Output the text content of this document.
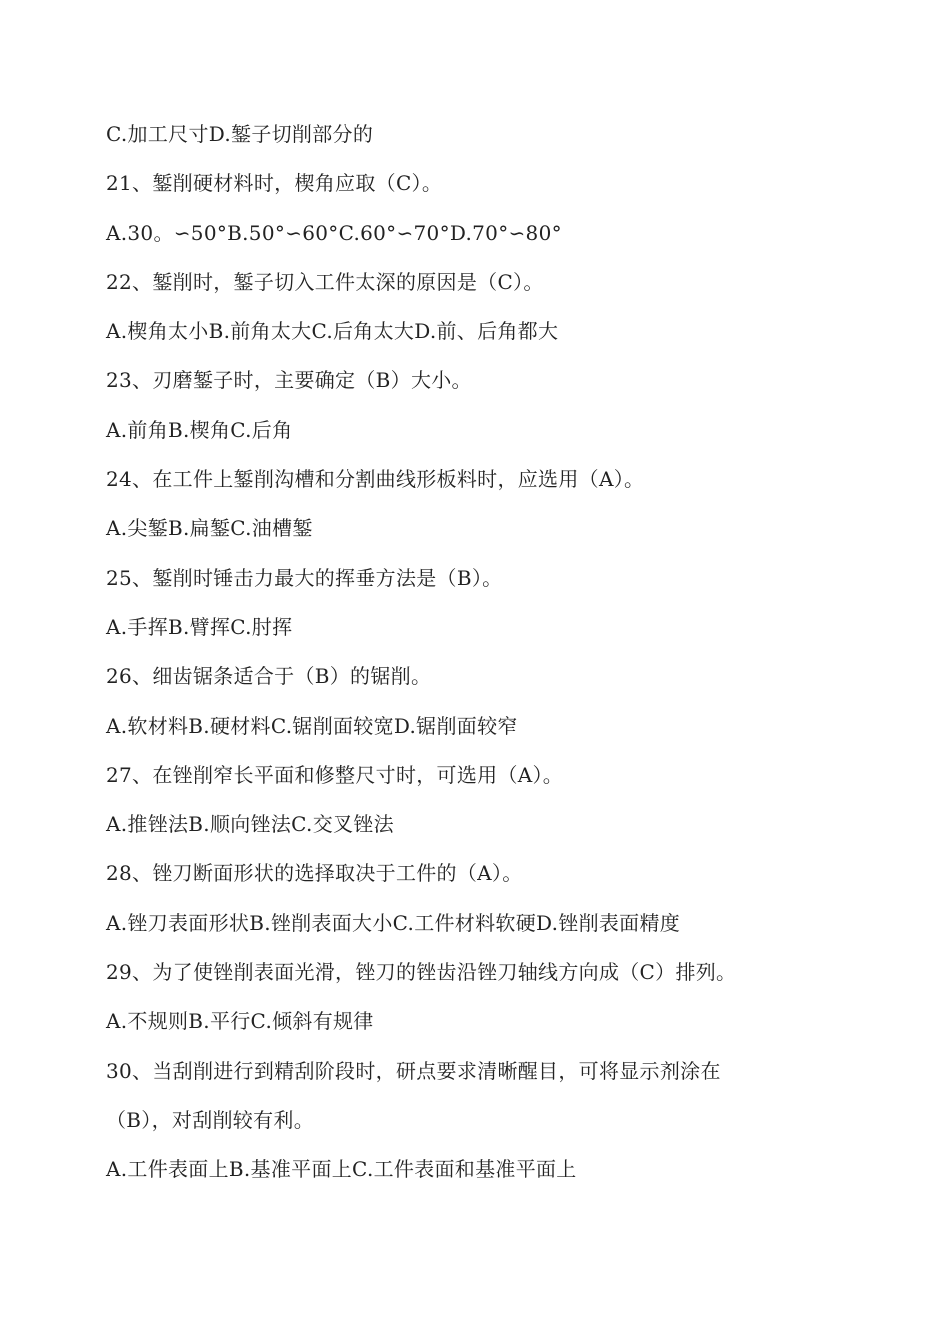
C.加工尺寸D.錾子切削部分的
21、錾削硬材料时，楔角应取（C）。
A.30。∽50°B.50°∽60°C.60°∽70°D.70°∽80°
22、錾削时，錾子切入工件太深的原因是（C）。
A.楔角太小B.前角太大C.后角太大D.前、后角都大
23、刃磨錾子时，主要确定（B）大小。
A.前角B.楔角C.后角
24、在工件上錾削沟槽和分割曲线形板料时，应选用（A）。
A.尖錾B.扁錾C.油槽錾
25、錾削时锤击力最大的挥垂方法是（B）。
A.手挥B.臂挥C.肘挥
26、细齿锯条适合于（B）的锯削。
A.软材料B.硬材料C.锯削面较宽D.锯削面较窄
27、在锉削窄长平面和修整尺寸时，可选用（A）。
A.推锉法B.顺向锉法C.交叉锉法
28、锉刀断面形状的选择取决于工件的（A）。
A.锉刀表面形状B.锉削表面大小C.工件材料软硬D.锉削表面精度
29、为了使锉削表面光滑，锉刀的锉齿沿锉刀轴线方向成（C）排列。
A.不规则B.平行C.倾斜有规律
30、当刮削进行到精刮阶段时，研点要求清晰醒目，可将显示剂涂在
（B），对刮削较有利。
A.工件表面上B.基准平面上C.工件表面和基准平面上
